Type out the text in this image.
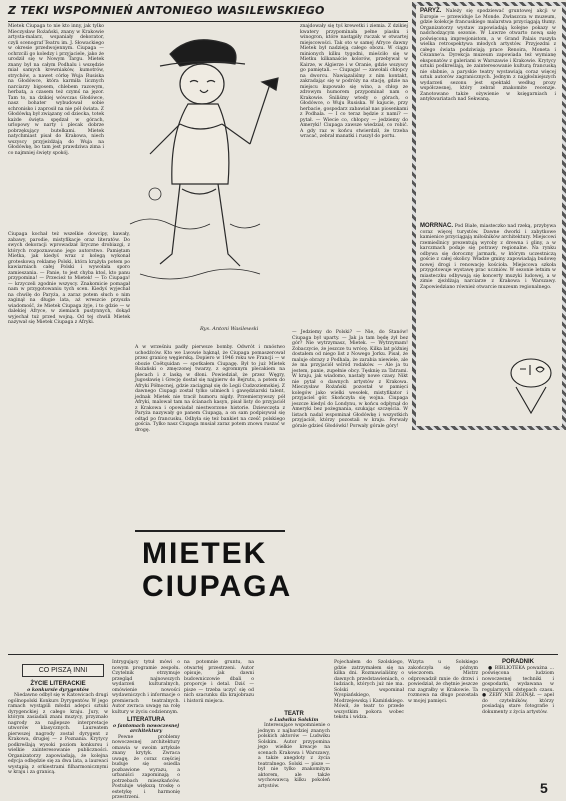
Z TEKI WSPOMNIEŃ ANTONIEGO WASILEWSKIEGO

Mietek Ciupaga to nie kto inny, jak tylko Mieczysław Rożański, znany w Krakowie artysta-malarz, wspaniały dekorator, czyli scenograf Teatru im. J. Słowackiego w okresie przedwojennym. Ciupaga — ochrzcili go koledzy i przyjaciele, jako że urodził się w Nowym Targu. Mietek znany był na całym Podhalu i wszędzie miał samych krewniaków, kumotrów, strychów, a nawet córkę Wuja Rusiska na Głodówce, która karmiła licznych narciarzy bigosem, chlebem razowym, herbatą, a czasem też czymś na jęzor. Tam to, na dzikiej wówczas Głodówce, nasz bohater wybudował sobie schronisko i zaprosił na nie pół świata. Z Głodówką był związany od dziecka, totek każde święta spędzał w górach, urlopowy w narty i plecak dobrze pobrzękujący butelkami. Mietek natychmiast pisał do Krakowa, niech wszyscy przyjeżdżają do Wuja na Głodówkę, bo tam jest prawdziwa zima i co najmniej święty spokój.

Rys. Antoni Wasilewski

znajdowały się tyś krewetki i ziemia. Z dzikiej kwatery przypominała pełne piasku i winogron, które nastąpiły ruczak w otwartej miejscowości. Tak oto w samej Afryce dawny Mietek był nadzieją całego obozu. W ciągu minionych kilku tygodni, mieściło się w Mietku kilkanaście kolorów, przebywał w Kairze, w Algierze i w Oranie, gdzie wszyscy go pamiętali. — Ciupaga! — zawołali chłopcy na dworcu. Nawiązaliśmy z nim kontakt, zakradając się w podróży na stację, gdzie na miejscu kupowało się wino, a chłop ze zdrowym humorem przypominał nam o Krakowie. Śniliśmy wtedy o górach, o Głodówce, o Wuju Rusiska. W kajucie, przy herbacie, gospodarz zabawiał nas piosenkami z Podhala. — I co teraz będzie z nami? — pytał. — Wiecie co, chłopcy — jedziemy do Ameryki! Ciupaga zawsze wiedział, co robić. A gdy raz w końcu stwierdził, że trzeba wracać, zebrał manatki i ruszył do portu.

Ciupaga kochał też wszelkie dowcipy, kawały, zabawy, parodie, mistyfikacje oraz literatów. Do swych dekoracji wprowadzał liryczne drobiazgi, z których rozpoznawano jego autorstwo. Pamiętam Mietka, jak kiedyś wraz z kolegą wykonał groteskową reklamę Polski, która krążyła potem po kawiarniach całej Polski i wywołała sporo zamieszania. — Panie, to jest chyba ktoś, kto panu przypomina! — Przecież to Mietek! — To Ciupaga! — krzyczeli zgodnie wszyscy. Znakomicie pomagał nam w przygotowaniu tych scen. Kiedyś wyjechał na chwilę do Paryża, a zaraz potem słuch o nim zaginął na długie lata, aż wreszcie przyszła wiadomość, że Mietek Ciupaga żyje, i to gdzie — w dalekiej Afryce, w ziemiach pustynnych, dokąd wyjechał tuż przed wojną. Od tej chwili Mietek nazywał się Mietek Ciupaga z Afryki.

MIETEK
CIUPAGA

A w wrześniu padły pierwsze bomby. Odwrót i mnóstwo uchodźców. Kto we Lwowie bąknął, że Ciupaga pomaszerował przez granicę węgierską. Dopiero w 1946 roku we Francji — w obozie Coëtquidan — spotkałem Ciupagę. Był to już Mietek Rożański o zmęczonej twarzy, z ogromnym plecakiem na plecach i z laską w dłoni. Powiedział, że przez Węgry, Jugosławię i Grecję dostał się najpierw do Bejrutu, a potem do Afryki Północnej, gdzie zaciągnął się do Legii Cudzoziemskiej. Z dawnego Ciupagi został tylko uśmiech i gawędziarski talent, jednak Mietek nie tracił humoru nigdy. Przemierzywszy pół Afryki, malował tam na ścianach kasyn, pisał listy do przyjaciół z Krakowa i opowiadał niestworzone historie. Dziewczęta z Paryża nazywały go panem Ciupagą, a on sam podpisywał się odtąd po francusku. Odbyła się też bankiet na cześć polskiego gościa. Tylko nasz Ciupaga musiał zaraz potem znowu ruszać w drogę.

— Jedziemy do Polski? — Nie, do Stanów! Ciupaga był uparty. — Jak ja tam będę żył bez gór? Nie wytrzymasz, Mietek. — Wytrzymam! Zobaczycie, że jeszcze tu wrócę. Kilka lat później dostałem od niego list z Nowego Jorku. Pisał, że maluje obrazy z Podhala, że zarabia niewiele, ale że ma przyjaciół wśród rodaków. — Ale ja tu jestem, panie, zupełnie obcy. Tęsknię za Tatrami. W kraju, jak wiadomo, nastały nowe czasy. Nikt nie pytał o dawnych artystów z Krakowa. Mieczysław Rożański pozostał w pamięci kolegów jako wielki wesołek, mistyfikator i przyjaciel gór. Skończyła się wojna. Ciupaga jeszcze kiedyś do Londynu, w końcu odpłynął do Ameryki bez pożegnania, szukając szczęścia. W listach nadal wspominał Głodówkę i wszystkich przyjaciół, którzy pozostali w kraju. Porwały górale gdzieś Głodówki! Porwały górale góry!

PARYŻ. Należy się spodziewać gruntowej akcji w Europie — przewiduje Le Monde. Zwłaszcza w muzeum, gdzie kolekcje francuskiego malarstwa przyciągają tłumy. Organizatorzy wystaw zapowiadają kolejne pokazy w nadchodzącym sezonie. W Luwrze otwarto nową salę poświęconą impresjonistom, a w Grand Palais ruszyła wielka retrospektywa młodych artystów. Przyjezdni z całego świata podziwiają prace Renoira, Moneta i Cézanne'a. Dyrekcja muzeum zapowiada też wymianę eksponatów z galeriami w Warszawie i Krakowie. Krytycy sztuki podkreślają, że zainteresowanie kulturą francuską nie słabnie, a paryskie teatry wystawiają coraz więcej sztuk autorów zagranicznych. Jednym z najgłośniejszych wydarzeń sezonu jest spektakl według prozy współczesnej, który zebrał znakomite recenzje. Zanotowano także ożywienie w księgarniach i antykwariatach nad Sekwaną.

MORRNAC. Pod Białe, miasteczko nad rzeką, przybywa coraz więcej turystów. Dawne dworki i zabytkowe kamienice przyciągają miłośników architektury. Miejscowi rzemieślnicy prezentują wyroby z drewna i gliny, a w karczmach podaje się potrawy regionalne. Na rynku odbywa się doroczny jarmark, w którym uczestniczą goście z całej okolicy. Władze gminy zapowiadają budowę nowej drogi i renowację kościoła. Miejscowa szkoła przygotowuje wystawę prac uczniów. W sezonie letnim w miasteczku odbywają się koncerty muzyki ludowej, a w zimie zjeżdżają narciarze z Krakowa i Warszawy. Zapowiedziano również otwarcie muzeum regionalnego.

CO PISZĄ INNI
ŻYCIE LITERACKIE
o konkursie dyrygentów

Niedawno odbył się w Katowicach drugi ogólnopolski Konkurs Dyrygentów. W jego ramach wystąpili młodzi adepci sztuki dyrygenckiej z całego kraju. Jury, w którym zasiadali znani muzycy, przyznało nagrody za najlepsze interpretacje utworów klasycznych. Laureatem pierwszej nagrody został dyrygent z Krakowa, drugiej — z Poznania. Krytycy podkreślają wysoki poziom konkursu i wielkie zainteresowanie publiczności. Organizatorzy zapowiadają, że kolejna edycja odbędzie się za dwa lata, a laureaci wystąpią z orkiestrami filharmonicznymi w kraju i za granicą.

Intrygujący tytuł mówi o nowym programie zespołu. Czytelnik otrzymuje przegląd najnowszych wydarzeń kulturalnych, omówienie nowości wydawniczych i informacje o premierach teatralnych. Autor zwraca uwagę na rolę kultury w życiu codziennym.

LITERATURA
o fantomach nowoczesnej architektury

Pewne problemy nowoczesnej architektury omawia w swoim artykule znany krytyk. Zwraca uwagę, że coraz częściej buduje się osiedla pozbawione wyrazu, a urbaniści zapominają o potrzebach mieszkańców. Postuluje większą troskę o estetykę i harmonię przestrzeni.

na potomnie gruntu, na otwartej przestrzeni. Autor opisuje, jak dawni budowniczowie dbali o proporcje i detal. Dziś — pisze — trzeba uczyć się od nich szacunku dla krajobrazu i historii miejsca.

TEATR
o Ludwiku Solskim

Interesujące wspomnienie o jednym z najbardziej znanych polskich aktorów — Ludwiku Solskim. Autor przypomina jego wielkie kreacje na scenach Krakowa i Warszawy, a także anegdoty z życia teatralnego. Solski — pisze — był nie tylko znakomitym aktorem, ale także wychowawcą kilku pokoleń artystów.

Pojechałem do Szolskiego, gdzie zatrzymałem się na kilka dni. Rozmawialiśmy o dawnych przedstawieniach, o ludziach, których już nie ma. Solski wspominał Wyspiańskiego, Modrzejewską i Kamińskiego. Mówił, że teatr to przede wszystkim pokora wobec tekstu i widza.

Wizyta u Solskiego zakończyła się późnym wieczorem. Mistrz odprowadził mnie do drzwi i powiedział, że chętnie jeszcze raz zagrałby w Krakowie. Ta rozmowa na długo pozostała w mojej pamięci.

PORADNIK

● BIBLIOTEKA poważna ... poświęcona ludziom nowoczesnej techniki i gospodarki, wydawana w regularnych odstępach czasu. ● ŻEBY NIE ZGINĄŁ — apel do czytelników, którzy posiadają stare fotografie i dokumenty z życia artystów.

5
